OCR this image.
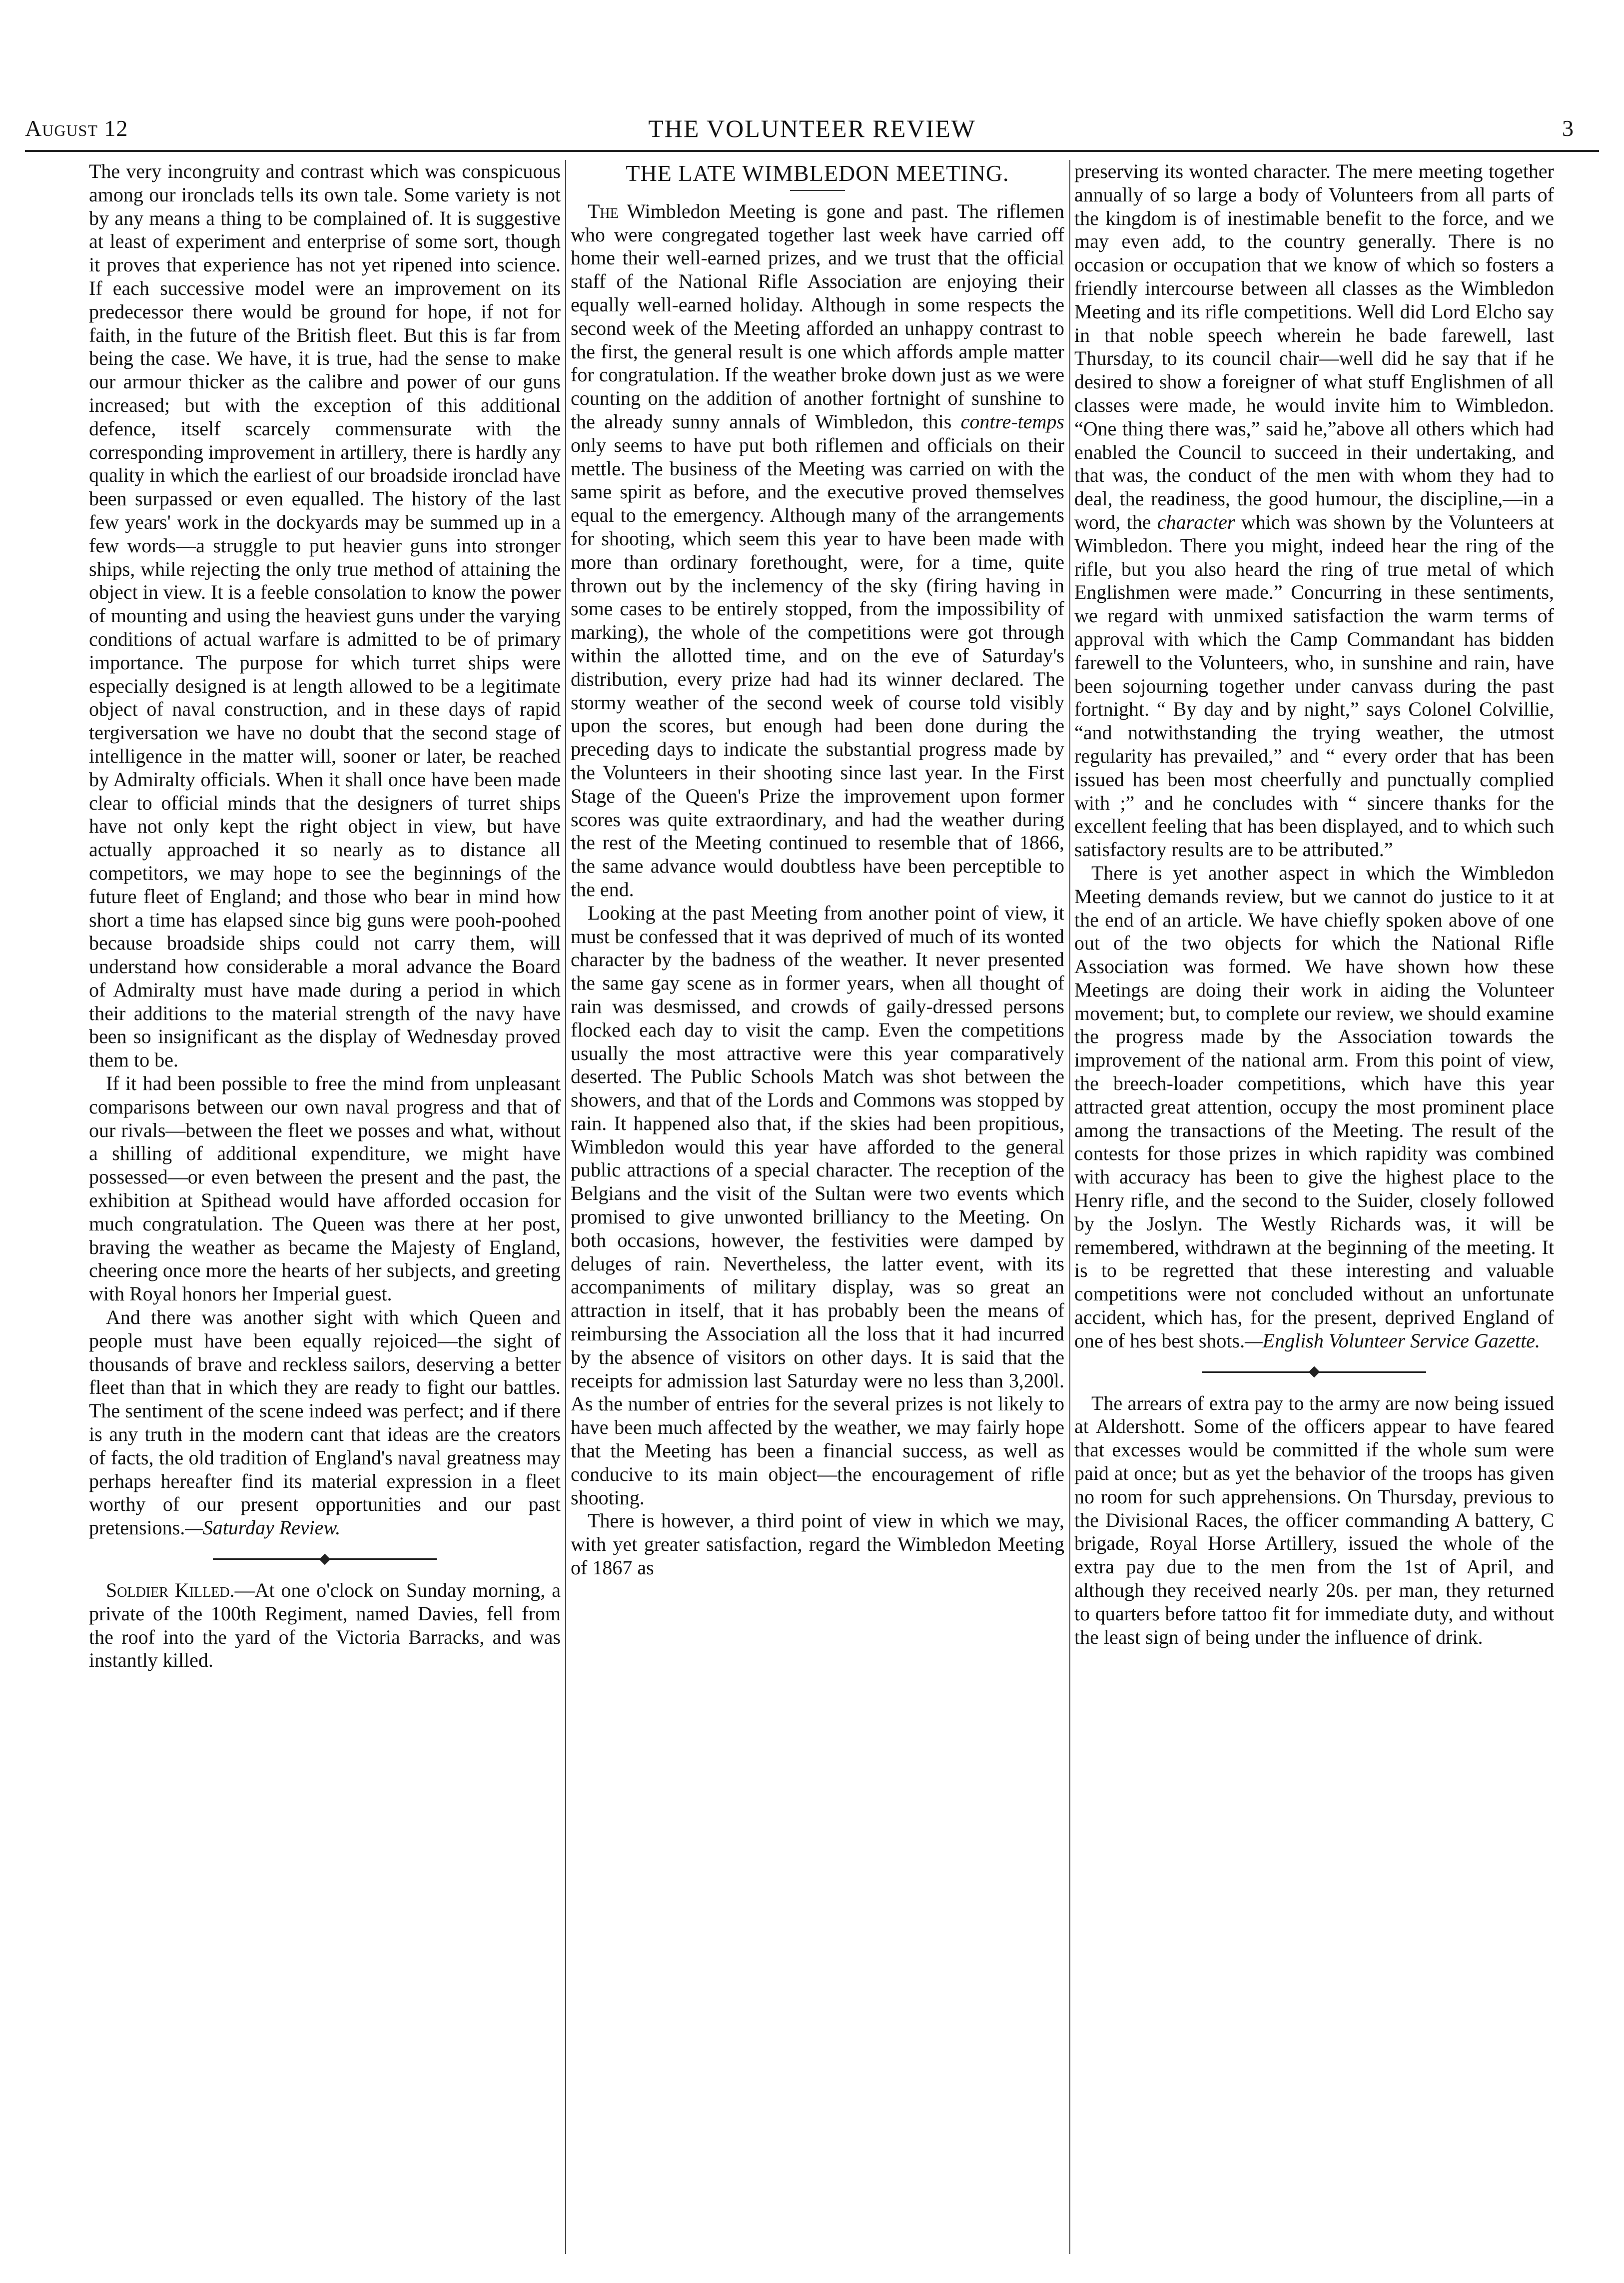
August 12	THE VOLUNTEER REVIEW	3

The very incongruity and contrast which was conspicuous among our ironclads tells its own tale. Some variety is not by any means a thing to be complained of. It is suggestive at least of experiment and enterprise of some sort, though it proves that experience has not yet ripened into science. If each successive model were an improvement on its predecessor there would be ground for hope, if not for faith, in the future of the British fleet. But this is far from being the case. We have, it is true, had the sense to make our armour thicker as the calibre and power of our guns increased; but with the exception of this additional defence, itself scarcely commensurate with the corresponding improvement in artillery, there is hardly any quality in which the earliest of our broadside ironclad have been surpassed or even equalled. The history of the last few years' work in the dockyards may be summed up in a few words—a struggle to put heavier guns into stronger ships, while rejecting the only true method of attaining the object in view. It is a feeble consolation to know the power of mounting and using the heaviest guns under the varying conditions of actual warfare is admitted to be of primary importance. The purpose for which turret ships were especially designed is at length allowed to be a legitimate object of naval construction, and in these days of rapid tergiversation we have no doubt that the second stage of intelligence in the matter will, sooner or later, be reached by Admiralty officials. When it shall once have been made clear to official minds that the designers of turret ships have not only kept the right object in view, but have actually approached it so nearly as to distance all competitors, we may hope to see the beginnings of the future fleet of England; and those who bear in mind how short a time has elapsed since big guns were pooh-poohed because broadside ships could not carry them, will understand how considerable a moral advance the Board of Admiralty must have made during a period in which their additions to the material strength of the navy have been so insignificant as the display of Wednesday proved them to be.

If it had been possible to free the mind from unpleasant comparisons between our own naval progress and that of our rivals—between the fleet we posses and what, without a shilling of additional expenditure, we might have possessed—or even between the present and the past, the exhibition at Spithead would have afforded occasion for much congratulation. The Queen was there at her post, braving the weather as became the Majesty of England, cheering once more the hearts of her subjects, and greeting with Royal honors her Imperial guest.

And there was another sight with which Queen and people must have been equally rejoiced—the sight of thousands of brave and reckless sailors, deserving a better fleet than that in which they are ready to fight our battles. The sentiment of the scene indeed was perfect; and if there is any truth in the modern cant that ideas are the creators of facts, the old tradition of England's naval greatness may perhaps hereafter find its material expression in a fleet worthy of our present opportunities and our past pretensions.—Saturday Review.

Soldier Killed.—At one o'clock on Sunday morning, a private of the 100th Regiment, named Davies, fell from the roof into the yard of the Victoria Barracks, and was instantly killed.

THE LATE WIMBLEDON MEETING.

The Wimbledon Meeting is gone and past. The riflemen who were congregated together last week have carried off home their well-earned prizes, and we trust that the official staff of the National Rifle Association are enjoying their equally well-earned holiday. Although in some respects the second week of the Meeting afforded an unhappy contrast to the first, the general result is one which affords ample matter for congratulation. If the weather broke down just as we were counting on the addition of another fortnight of sunshine to the already sunny annals of Wimbledon, this contre-temps only seems to have put both riflemen and officials on their mettle. The business of the Meeting was carried on with the same spirit as before, and the executive proved themselves equal to the emergency. Although many of the arrangements for shooting, which seem this year to have been made with more than ordinary forethought, were, for a time, quite thrown out by the inclemency of the sky (firing having in some cases to be entirely stopped, from the impossibility of marking), the whole of the competitions were got through within the allotted time, and on the eve of Saturday's distribution, every prize had had its winner declared. The stormy weather of the second week of course told visibly upon the scores, but enough had been done during the preceding days to indicate the substantial progress made by the Volunteers in their shooting since last year. In the First Stage of the Queen's Prize the improvement upon former scores was quite extraordinary, and had the weather during the rest of the Meeting continued to resemble that of 1866, the same advance would doubtless have been perceptible to the end.

Looking at the past Meeting from another point of view, it must be confessed that it was deprived of much of its wonted character by the badness of the weather. It never presented the same gay scene as in former years, when all thought of rain was desmissed, and crowds of gaily-dressed persons flocked each day to visit the camp. Even the competitions usually the most attractive were this year comparatively deserted. The Public Schools Match was shot between the showers, and that of the Lords and Commons was stopped by rain. It happened also that, if the skies had been propitious, Wimbledon would this year have afforded to the general public attractions of a special character. The reception of the Belgians and the visit of the Sultan were two events which promised to give unwonted brilliancy to the Meeting. On both occasions, however, the festivities were damped by deluges of rain. Nevertheless, the latter event, with its accompaniments of military display, was so great an attraction in itself, that it has probably been the means of reimbursing the Association all the loss that it had incurred by the absence of visitors on other days. It is said that the receipts for admission last Saturday were no less than 3,200l. As the number of entries for the several prizes is not likely to have been much affected by the weather, we may fairly hope that the Meeting has been a financial success, as well as conducive to its main object—the encouragement of rifle shooting.

There is however, a third point of view in which we may, with yet greater satisfaction, regard the Wimbledon Meeting of 1867 as

preserving its wonted character. The mere meeting together annually of so large a body of Volunteers from all parts of the kingdom is of inestimable benefit to the force, and we may even add, to the country generally. There is no occasion or occupation that we know of which so fosters a friendly intercourse between all classes as the Wimbledon Meeting and its rifle competitions. Well did Lord Elcho say in that noble speech wherein he bade farewell, last Thursday, to its council chair—well did he say that if he desired to show a foreigner of what stuff Englishmen of all classes were made, he would invite him to Wimbledon. “One thing there was,” said he,”above all others which had enabled the Council to succeed in their undertaking, and that was, the conduct of the men with whom they had to deal, the readiness, the good humour, the discipline,—in a word, the character which was shown by the Volunteers at Wimbledon. There you might, indeed hear the ring of the rifle, but you also heard the ring of true metal of which Englishmen were made.” Concurring in these sentiments, we regard with unmixed satisfaction the warm terms of approval with which the Camp Commandant has bidden farewell to the Volunteers, who, in sunshine and rain, have been sojourning together under canvass during the past fortnight. “ By day and by night,” says Colonel Colvillie, “and notwithstanding the trying weather, the utmost regularity has prevailed,” and “ every order that has been issued has been most cheerfully and punctually complied with ;” and he concludes with “ sincere thanks for the excellent feeling that has been displayed, and to which such satisfactory results are to be attributed.”

There is yet another aspect in which the Wimbledon Meeting demands review, but we cannot do justice to it at the end of an article. We have chiefly spoken above of one out of the two objects for which the National Rifle Association was formed. We have shown how these Meetings are doing their work in aiding the Volunteer movement; but, to complete our review, we should examine the progress made by the Association towards the improvement of the national arm. From this point of view, the breech-loader competitions, which have this year attracted great attention, occupy the most prominent place among the transactions of the Meeting. The result of the contests for those prizes in which rapidity was combined with accuracy has been to give the highest place to the Henry rifle, and the second to the Suider, closely followed by the Joslyn. The Westly Richards was, it will be remembered, withdrawn at the beginning of the meeting. It is to be regretted that these interesting and valuable competitions were not concluded without an unfortunate accident, which has, for the present, deprived England of one of hes best shots.—English Volunteer Service Gazette.

The arrears of extra pay to the army are now being issued at Aldershott. Some of the officers appear to have feared that excesses would be committed if the whole sum were paid at once; but as yet the behavior of the troops has given no room for such apprehensions. On Thursday, previous to the Divisional Races, the officer commanding A battery, C brigade, Royal Horse Artillery, issued the whole of the extra pay due to the men from the 1st of April, and although they received nearly 20s. per man, they returned to quarters before tattoo fit for immediate duty, and without the least sign of being under the influence of drink.
